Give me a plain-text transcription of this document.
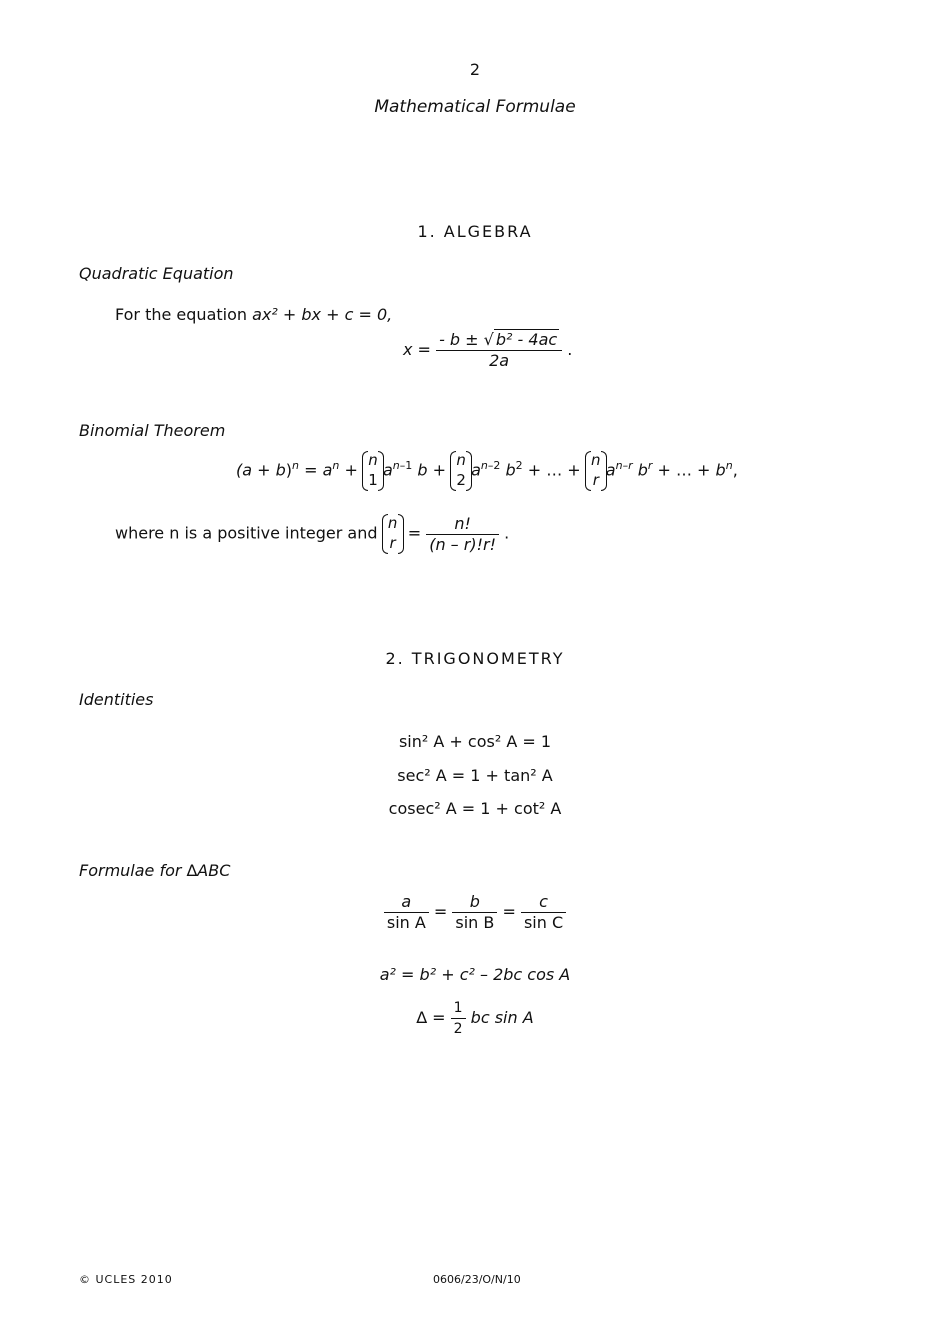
2
Mathematical Formulae
1. ALGEBRA
Quadratic Equation
For the equation ax² + bx + c = 0,
$x = \frac{\text{- b ± √ b² - 4ac}}{2a}$ .
Binomial Theorem
$(a + b)^n = a^n$ +
n
1
$a^{n-1}$ b +
n
2
$a^{n-2}$ $b^2$ + … +
n
r
$a^{n-r}$ $b^r$ + … + $b^n$,
where n is a positive integer and
n
r
= $\frac{n!}{(n - r)!r!}$ .
2. TRIGONOMETRY
Identities
sin² A + cos² A = 1
sec² A = 1 + tan² A
cosec² A = 1 + cot² A
Formulae for ∆ABC
$\frac{a}{\text{sin A}} = \frac{b}{\text{sin B}} = \frac{c}{\text{sin C}}$
a² = b² + c² – 2bc cos A
∆ = $\frac{1}{2}$ bc sin A
© UCLES 2010	0606/23/O/N/10
